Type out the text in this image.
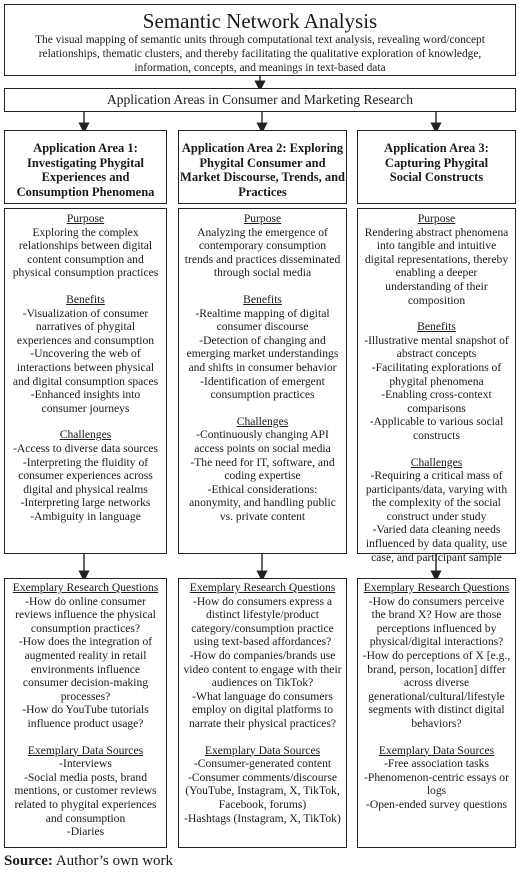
Semantic Network Analysis
The visual mapping of semantic units through computational text analysis, revealing word/concept relationships, thematic clusters, and thereby facilitating the qualitative exploration of knowledge, information, concepts, and meanings in text-based data
Application Areas in Consumer and Marketing Research
Application Area 1: Investigating Phygital Experiences and Consumption Phenomena
Application Area 2: Exploring Phygital Consumer and Market Discourse, Trends, and Practices
Application Area 3: Capturing Phygital Social Constructs
Purpose
Exploring the complex relationships between digital content consumption and physical consumption practices
Benefits
-Visualization of consumer narratives of phygital experiences and consumption
-Uncovering the web of interactions between physical and digital consumption spaces
-Enhanced insights into consumer journeys
Challenges
-Access to diverse data sources
-Interpreting the fluidity of consumer experiences across digital and physical realms
-Interpreting large networks
-Ambiguity in language
Purpose
Analyzing the emergence of contemporary consumption trends and practices disseminated through social media
Benefits
-Realtime mapping of digital consumer discourse
-Detection of changing and emerging market understandings and shifts in consumer behavior
-Identification of emergent consumption practices
Challenges
-Continuously changing API access points on social media
-The need for IT, software, and coding expertise
-Ethical considerations: anonymity, and handling public vs. private content
Purpose
Rendering abstract phenomena into tangible and intuitive digital representations, thereby enabling a deeper understanding of their composition
Benefits
-Illustrative mental snapshot of abstract concepts
-Facilitating explorations of phygital phenomena
-Enabling cross-context comparisons
-Applicable to various social constructs
Challenges
-Requiring a critical mass of participants/data, varying with the complexity of the social construct under study
-Varied data cleaning needs influenced by data quality, use case, and participant sample
Exemplary Research Questions
-How do online consumer reviews influence the physical consumption practices?
-How does the integration of augmented reality in retail environments influence consumer decision-making processes?
-How do YouTube tutorials influence product usage?
Exemplary Data Sources
-Interviews
-Social media posts, brand mentions, or customer reviews related to phygital experiences and consumption
-Diaries
Exemplary Research Questions
-How do consumers express a distinct lifestyle/product category/consumption practice using text-based affordances?
-How do companies/brands use video content to engage with their audiences on TikTok?
-What language do consumers employ on digital platforms to narrate their physical practices?
Exemplary Data Sources
-Consumer-generated content
-Consumer comments/discourse (YouTube, Instagram, X, TikTok, Facebook, forums)
-Hashtags (Instagram, X, TikTok)
Exemplary Research Questions
-How do consumers perceive the brand X? How are those perceptions influenced by physical/digital interactions?
-How do perceptions of X [e.g., brand, person, location] differ across diverse generational/cultural/lifestyle segments with distinct digital behaviors?
Exemplary Data Sources
-Free association tasks
-Phenomenon-centric essays or logs
-Open-ended survey questions
Source: Author’s own work
